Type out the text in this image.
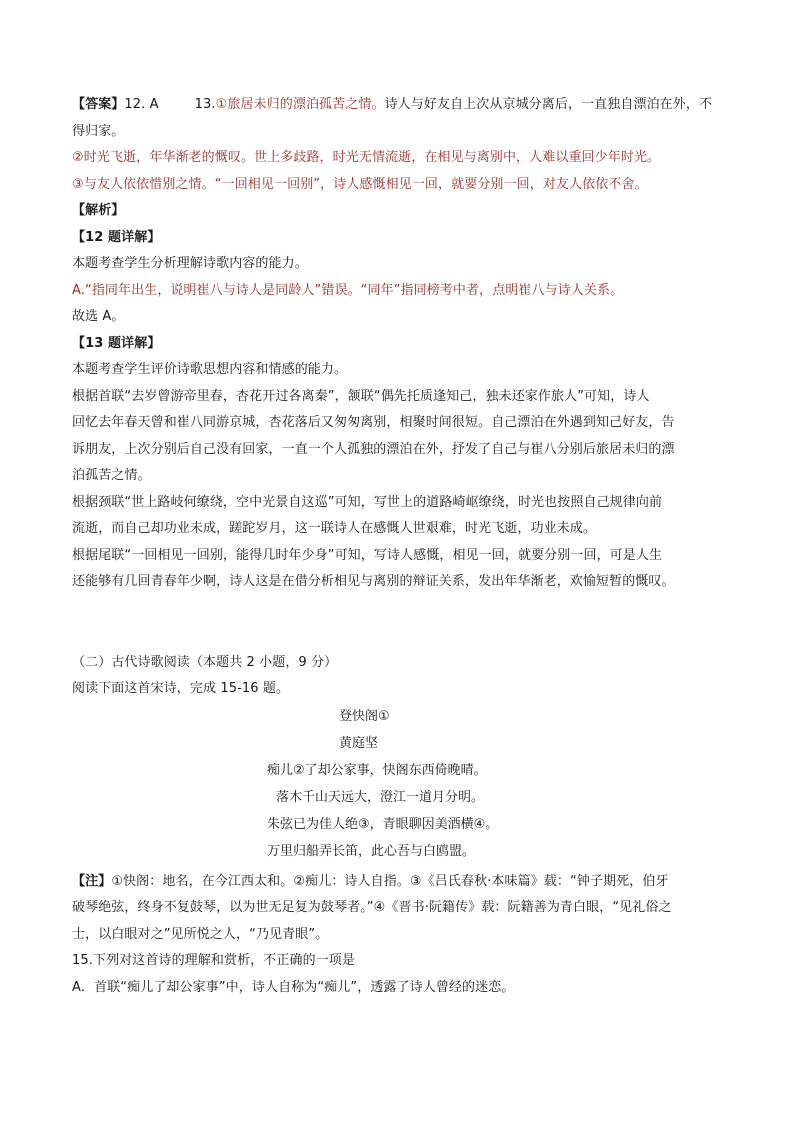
【答案】12. A	13.①旅居未归的漂泊孤苦之情。诗人与好友自上次从京城分离后，一直独自漂泊在外，不
得归家。
②时光飞逝，年华渐老的慨叹。世上多歧路，时光无情流逝，在相见与离别中，人难以重回少年时光。
③与友人依依惜别之情。“一回相见一回别”，诗人感慨相见一回，就要分别一回，对友人依依不舍。
【解析】
【12 题详解】
本题考查学生分析理解诗歌内容的能力。
A.“指同年出生，说明崔八与诗人是同龄人”错误。“同年”指同榜考中者，点明崔八与诗人关系。
故选 A。
【13 题详解】
本题考查学生评价诗歌思想内容和情感的能力。
根据首联“去岁曾游帝里春，杏花开过各离秦”，颔联“偶先托质逢知己，独未还家作旅人”可知，诗人
回忆去年春天曾和崔八同游京城，杏花落后又匆匆离别，相聚时间很短。自己漂泊在外遇到知己好友，告
诉朋友，上次分别后自己没有回家，一直一个人孤独的漂泊在外，抒发了自己与崔八分别后旅居未归的漂
泊孤苦之情。
根据颈联“世上路岐何缭绕，空中光景自这巡”可知，写世上的道路崎岖缭绕，时光也按照自己规律向前
流逝，而自己却功业未成，蹉跎岁月，这一联诗人在感慨人世艰难，时光飞逝，功业未成。
根据尾联“一回相见一回别，能得几时年少身”可知，写诗人感慨，相见一回，就要分别一回，可是人生
还能够有几回青春年少啊，诗人这是在借分析相见与离别的辩证关系，发出年华渐老，欢愉短暂的慨叹。
（二）古代诗歌阅读（本题共 2 小题，9 分）
阅读下面这首宋诗，完成 15-16 题。
登快阁①
黄庭坚
痴儿②了却公家事，快阁东西倚晚晴。
落木千山天远大，澄江一道月分明。
朱弦已为佳人绝③，青眼聊因美酒横④。
万里归船弄长笛，此心吾与白鸥盟。
【注】①快阁：地名，在今江西太和。②痴儿：诗人自指。③《吕氏春秋·本味篇》载：“钟子期死，伯牙
破琴绝弦，终身不复鼓琴，以为世无足复为鼓琴者。”④《晋书·阮籍传》载：阮籍善为青白眼，“见礼俗之
士，以白眼对之”见所悦之人，“乃见青眼”。
15.下列对这首诗的理解和赏析，不正确的一项是
A．首联“痴儿了却公家事”中，诗人自称为“痴儿”，透露了诗人曾经的迷恋。
